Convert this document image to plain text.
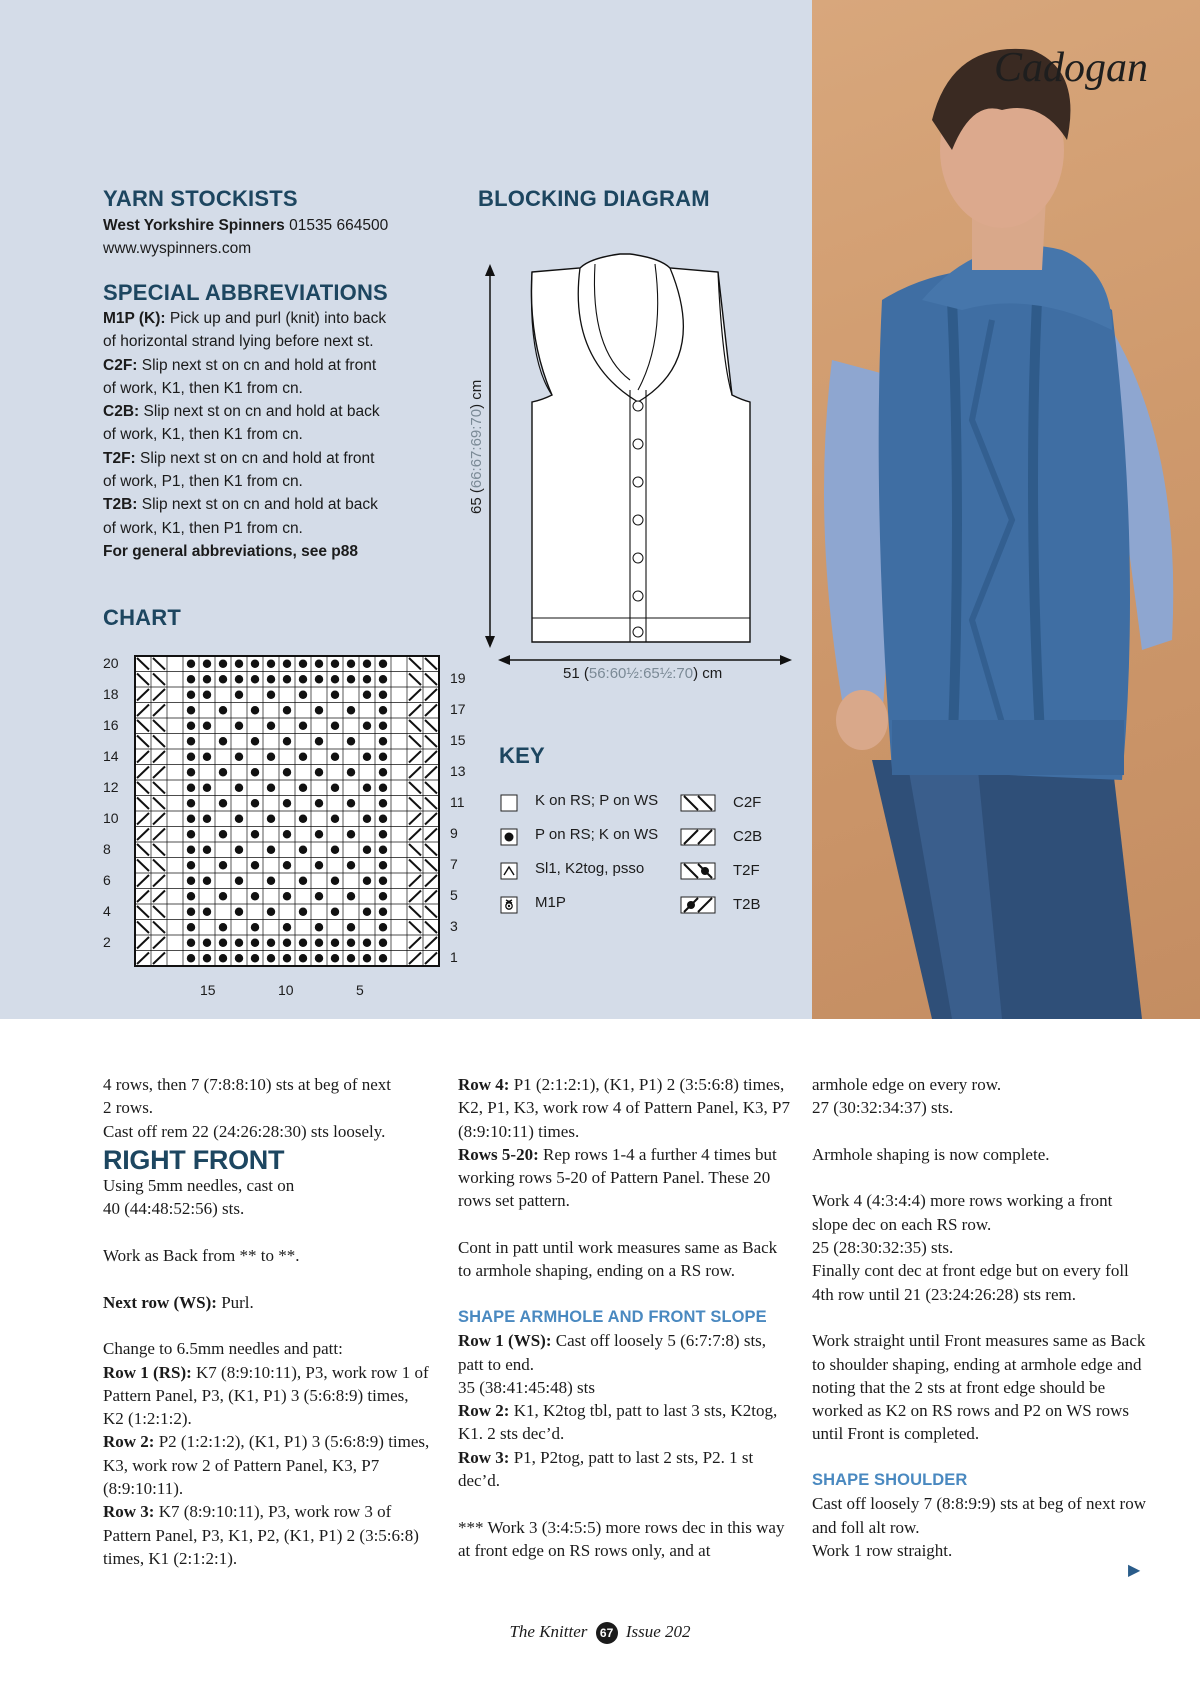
Cadogan
YARN STOCKISTS
West Yorkshire Spinners 01535 664500
www.wyspinners.com
SPECIAL ABBREVIATIONS
M1P (K): Pick up and purl (knit) into back
of horizontal strand lying before next st.
C2F: Slip next st on cn and hold at front
of work, K1, then K1 from cn.
C2B: Slip next st on cn and hold at back
of work, K1, then K1 from cn.
T2F: Slip next st on cn and hold at front
of work, P1, then K1 from cn.
T2B: Slip next st on cn and hold at back
of work, K1, then P1 from cn.
For general abbreviations, see p88
BLOCKING DIAGRAM
65 (66:67:69:70) cm
51 (56:60½:65½:70) cm
CHART
20
18
16
14
12
10
8
6
4
2
19
17
15
13
11
9
7
5
3
1
15	10	5
KEY
K on RS; P on WS
P on RS; K on WS
Sl1, K2tog, psso
M1P
C2F
C2B
T2F
T2B

4 rows, then 7 (7:8:8:10) sts at beg of next

2 rows.

Cast off rem 22 (24:26:28:30) sts loosely.

RIGHT FRONT

Using 5mm needles, cast on

40 (44:48:52:56) sts.

Work as Back from ** to **.

Next row (WS): Purl.

Change to 6.5mm needles and patt:

Row 1 (RS): K7 (8:9:10:11), P3, work row 1 of Pattern Panel, P3, (K1, P1) 3 (5:6:8:9) times, K2 (1:2:1:2).

Row 2: P2 (1:2:1:2), (K1, P1) 3 (5:6:8:9) times, K3, work row 2 of Pattern Panel, K3, P7 (8:9:10:11).

Row 3: K7 (8:9:10:11), P3, work row 3 of Pattern Panel, P3, K1, P2, (K1, P1) 2 (3:5:6:8) times, K1 (2:1:2:1).

Row 4: P1 (2:1:2:1), (K1, P1) 2 (3:5:6:8) times, K2, P1, K3, work row 4 of Pattern Panel, K3, P7 (8:9:10:11) times.

Rows 5-20: Rep rows 1-4 a further 4 times but working rows 5-20 of Pattern Panel. These 20 rows set pattern.

Cont in patt until work measures same as Back to armhole shaping, ending on a RS row.

SHAPE ARMHOLE AND FRONT SLOPE

Row 1 (WS): Cast off loosely 5 (6:7:7:8) sts, patt to end.

35 (38:41:45:48) sts

Row 2: K1, K2tog tbl, patt to last 3 sts, K2tog, K1. 2 sts dec’d.

Row 3: P1, P2tog, patt to last 2 sts, P2. 1 st dec’d.

*** Work 3 (3:4:5:5) more rows dec in this way at front edge on RS rows only, and at

armhole edge on every row.

27 (30:32:34:37) sts.

Armhole shaping is now complete.

Work 4 (4:3:4:4) more rows working a front slope dec on each RS row.

25 (28:30:32:35) sts.

Finally cont dec at front edge but on every foll 4th row until 21 (23:24:26:28) sts rem.

Work straight until Front measures same as Back to shoulder shaping, ending at armhole edge and noting that the 2 sts at front edge should be worked as K2 on RS rows and P2 on WS rows until Front is completed.

SHAPE SHOULDER

Cast off loosely 7 (8:8:9:9) sts at beg of next row and foll alt row.

Work 1 row straight.

▶
The Knitter 67 Issue 202
